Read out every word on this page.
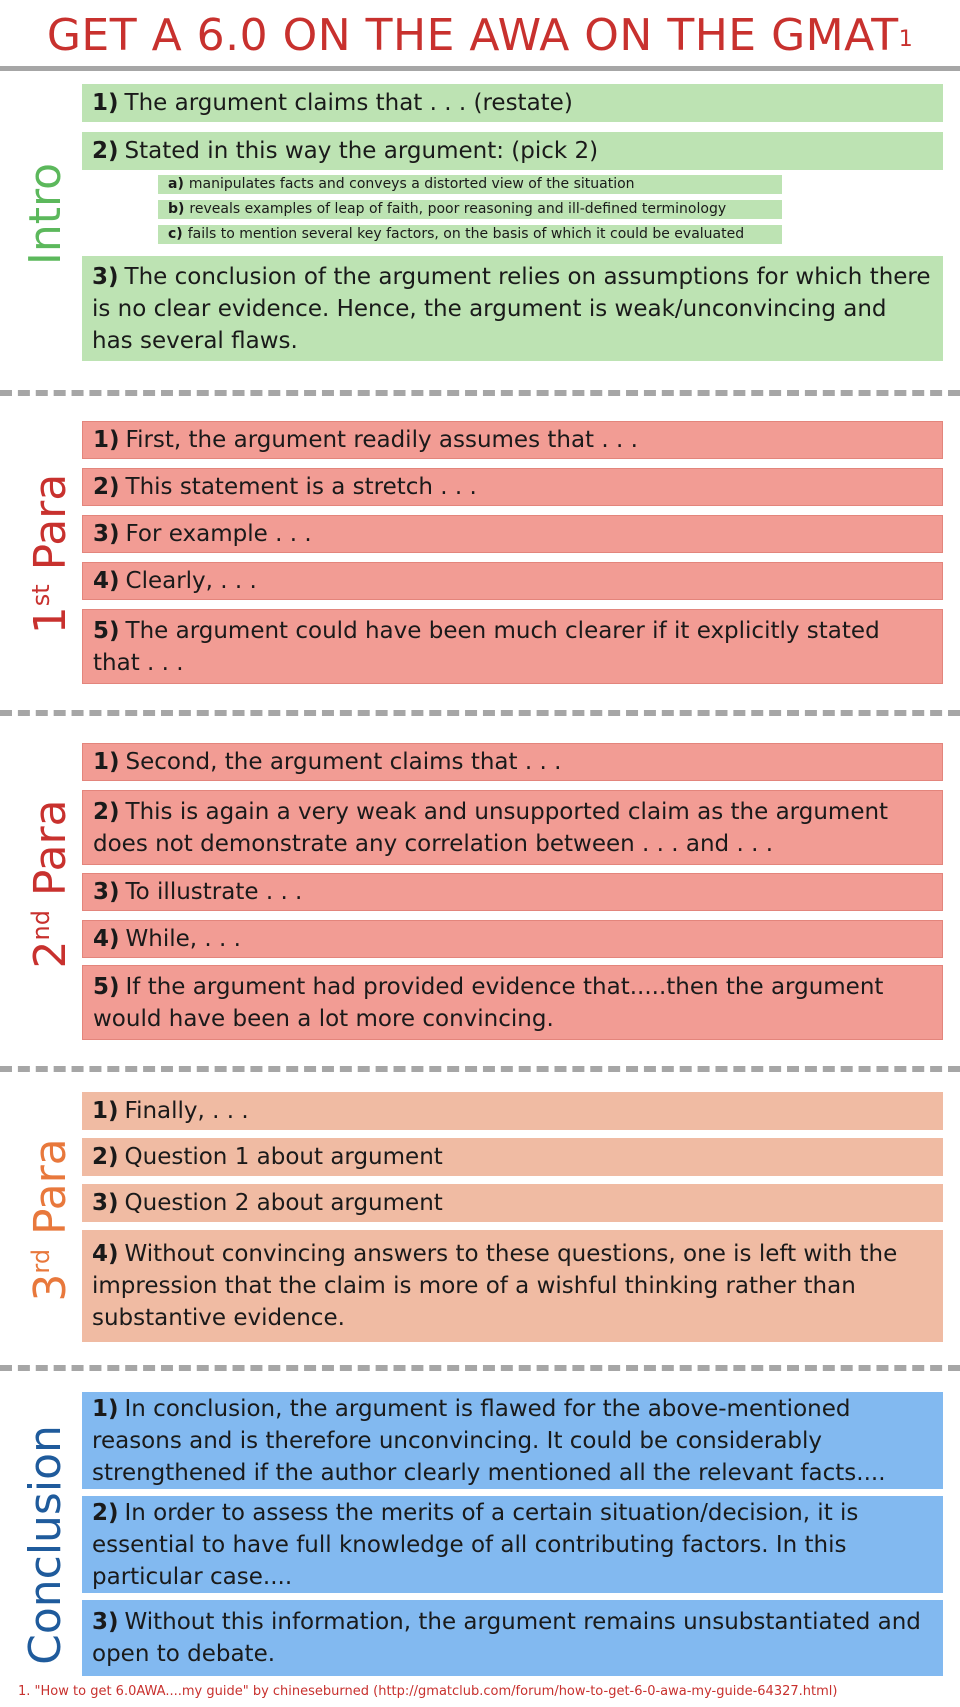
GET A 6.0 ON THE AWA ON THE GMAT$^1$
Intro
1) The argument claims that . . . (restate)
2) Stated in this way the argument: (pick 2)
a) manipulates facts and conveys a distorted view of the situation
b) reveals examples of leap of faith, poor reasoning and ill-defined terminology
c) fails to mention several key factors, on the basis of which it could be evaluated
3) The conclusion of the argument relies on assumptions for which there is no clear evidence. Hence, the argument is weak/unconvincing and has several flaws.
1st Para
1) First, the argument readily assumes that . . .
2) This statement is a stretch . . .
3) For example . . .
4) Clearly, . . .
5) The argument could have been much clearer if it explicitly stated that . . .
2nd Para
1) Second, the argument claims that . . .
2) This is again a very weak and unsupported claim as the argument does not demonstrate any correlation between . . . and . . .
3) To illustrate . . .
4) While, . . .
5) If the argument had provided evidence that.....then the argument would have been a lot more convincing.
3rd Para
1) Finally, . . .
2) Question 1 about argument
3) Question 2 about argument
4) Without convincing answers to these questions, one is left with the impression that the claim is more of a wishful thinking rather than substantive evidence.
Conclusion
1) In conclusion, the argument is flawed for the above-mentioned reasons and is therefore unconvincing. It could be considerably strengthened if the author clearly mentioned all the relevant facts....
2) In order to assess the merits of a certain situation/decision, it is essential to have full knowledge of all contributing factors. In this particular case....
3) Without this information, the argument remains unsubstantiated and open to debate.
1. "How to get 6.0AWA....my guide" by chineseburned (http://gmatclub.com/forum/how-to-get-6-0-awa-my-guide-64327.html)
